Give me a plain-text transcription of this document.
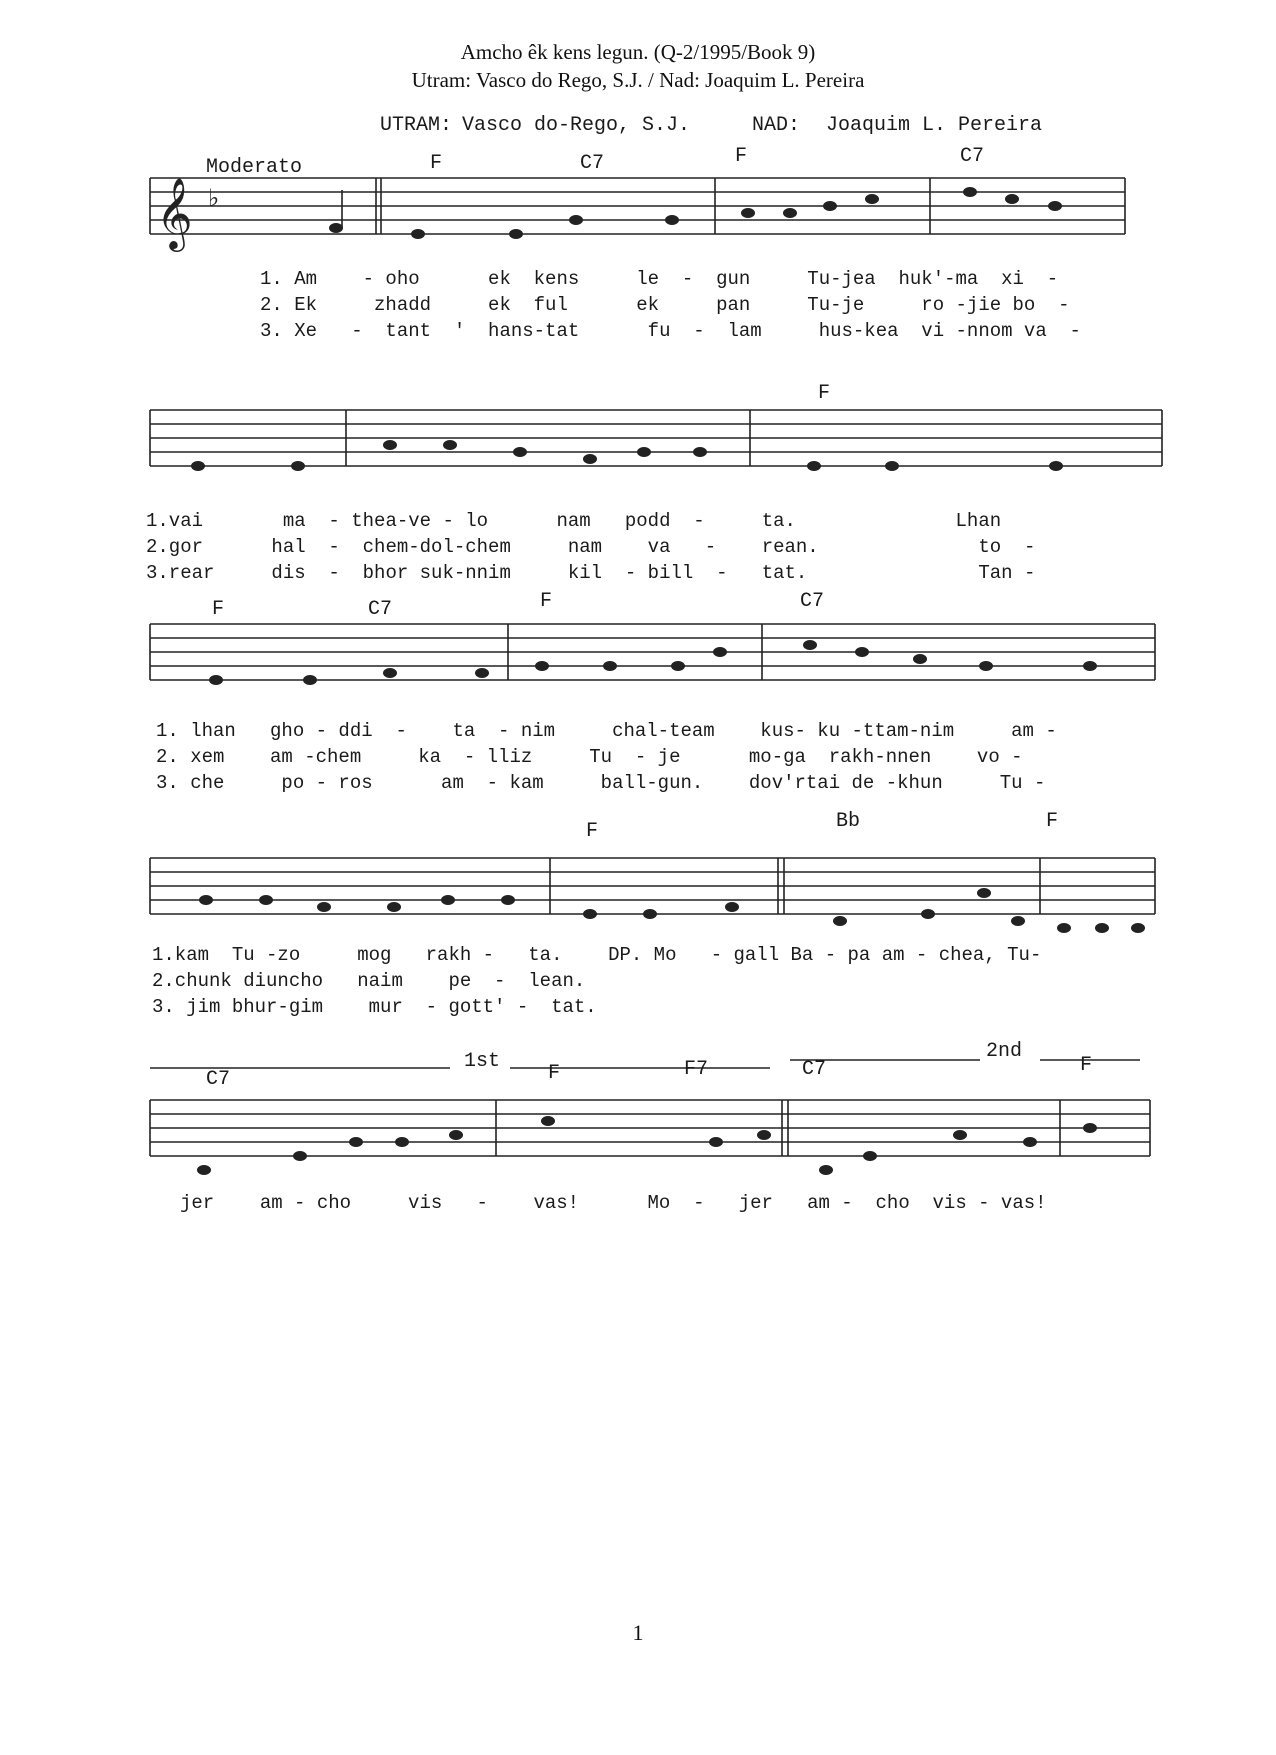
Amcho êk kens legun. (Q-2/1995/Book 9)
Utram: Vasco do Rego, S.J. / Nad: Joaquim L. Pereira
UTRAM: Vasco do-Rego, S.J.	NAD: Joaquim L. Pereira
Moderato
𝄞 ♭
F	C7	F	C7
1. Am    - oho      ek  kens     le  -  gun     Tu-jea  huk'-ma  xi  -
2. Ek     zhadd     ek  ful      ek     pan     Tu-je     ro -jie bo  -
3. Xe   -  tant  '  hans-tat      fu  -  lam     hus-kea  vi -nnom va  -
F
1.vai       ma  - thea-ve - lo      nam   podd  -     ta.              Lhan
2.gor      hal  -  chem-dol-chem     nam    va   -    rean.              to  -
3.rear     dis  -  bhor suk-nnim     kil  - bill  -   tat.               Tan -
F	C7	F	C7
1. lhan   gho - ddi  -    ta  - nim     chal-team    kus- ku -ttam-nim     am -
2. xem    am -chem     ka  - lliz     Tu  - je      mo-ga  rakh-nnen    vo -
3. che     po - ros      am  - kam     ball-gun.    dov'rtai de -khun     Tu -
F	Bb	F
1.kam  Tu -zo     mog   rakh -   ta.    DP. Mo   - gall Ba - pa am - chea, Tu-
2.chunk diuncho   naim    pe  -  lean.
3. jim bhur-gim    mur  - gott' -  tat.
1st	2nd
C7	F	F7	C7	F
jer    am - cho     vis   -    vas!      Mo  -   jer   am -  cho  vis - vas!
1
